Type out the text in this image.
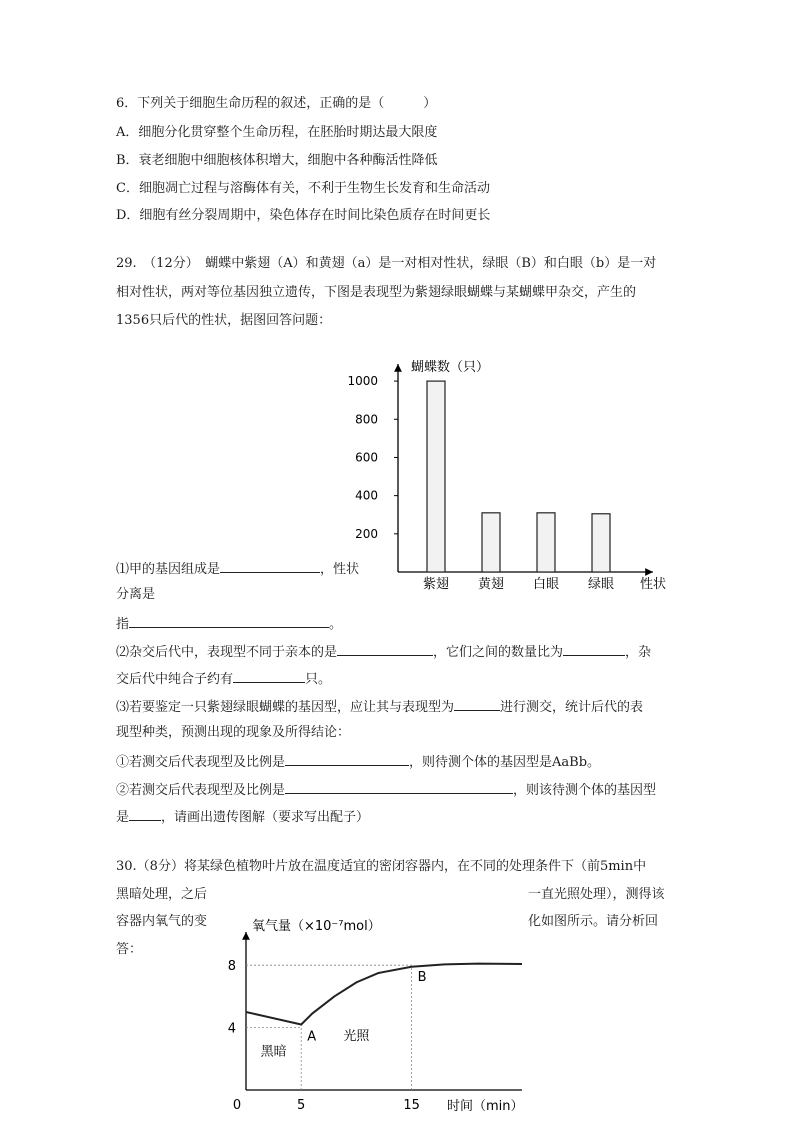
6．下列关于细胞生命历程的叙述，正确的是（　　　）
A．细胞分化贯穿整个生命历程，在胚胎时期达最大限度
B．衰老细胞中细胞核体积增大，细胞中各种酶活性降低
C．细胞凋亡过程与溶酶体有关，不利于生物生长发育和生命活动
D．细胞有丝分裂周期中，染色体存在时间比染色质存在时间更长
29.　（12分）　蝴蝶中紫翅（A）和黄翅（a）是一对相对性状，绿眼（B）和白眼（b）是一对
相对性状，两对等位基因独立遗传，下图是表现型为紫翅绿眼蝴蝶与某蝴蝶甲杂交，产生的
1356只后代的性状，据图回答问题：
蝴蝶数（只）
性状
200
400
600
800
1000
紫翅 黄翅 白眼 绿眼
⑴甲的基因组成是	，性状
分离是
指	。
⑵杂交后代中，表现型不同于亲本的是	，它们之间的数量比为	，杂
交后代中纯合子约有	只。
⑶若要鉴定一只紫翅绿眼蝴蝶的基因型，应让其与表现型为	进行测交，统计后代的表
现型种类，预测出现的现象及所得结论：
①若测交后代表现型及比例是	，则待测个体的基因型是AaBb。
②若测交后代表现型及比例是	，则该待测个体的基因型
是 ，请画出遗传图解（要求写出配子）
30.（8分）将某绿色植物叶片放在温度适宜的密闭容器内，在不同的处理条件下（前5min中
黑暗处理，之后	一直光照处理），测得该
容器内氧气的变	化如图所示。请分析回
答：
氧气量（×10⁻⁷mol）
时间（min）
4
8
0	5	15
A
B
黑暗
光照
